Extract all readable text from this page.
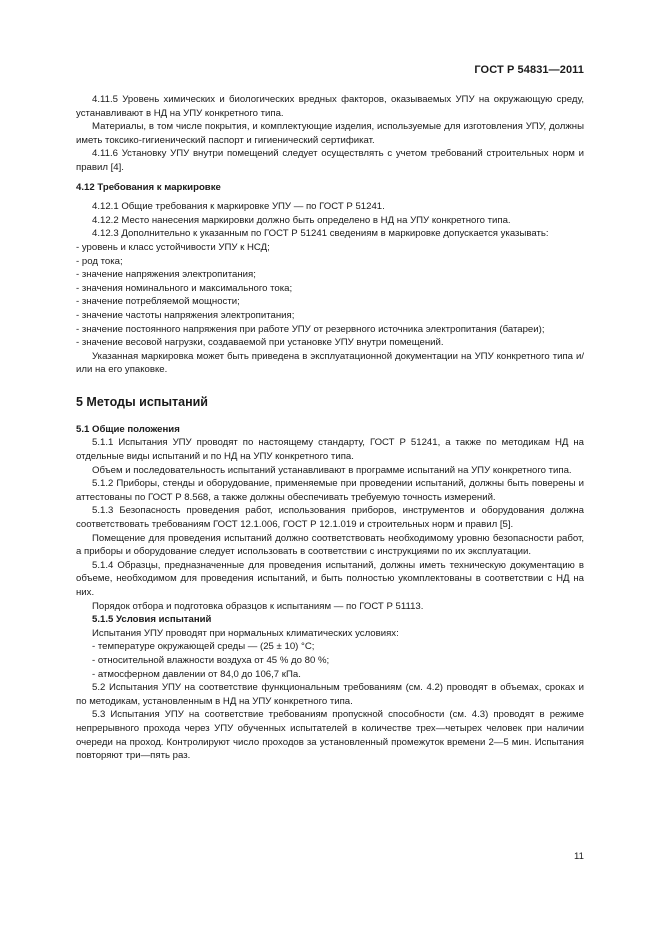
ГОСТ Р 54831—2011

4.11.5 Уровень химических и биологических вредных факторов, оказываемых УПУ на окружающую среду, устанавливают в НД на УПУ конкретного типа.

Материалы, в том числе покрытия, и комплектующие изделия, используемые для изготовления УПУ, должны иметь токсико-гигиенический паспорт и гигиенический сертификат.

4.11.6 Установку УПУ внутри помещений следует осуществлять с учетом требований строительных норм и правил [4].

4.12 Требования к маркировке

4.12.1 Общие требования к маркировке УПУ — по ГОСТ Р 51241.

4.12.2 Место нанесения маркировки должно быть определено в НД на УПУ конкретного типа.

4.12.3 Дополнительно к указанным по ГОСТ Р 51241 сведениям в маркировке допускается указывать:

- уровень и класс устойчивости УПУ к НСД;

- род тока;

- значение напряжения электропитания;

- значения номинального и максимального тока;

- значение потребляемой мощности;

- значение частоты напряжения электропитания;

- значение постоянного напряжения при работе УПУ от резервного источника электропитания (батареи);

- значение весовой нагрузки, создаваемой при установке УПУ внутри помещений.

Указанная маркировка может быть приведена в эксплуатационной документации на УПУ конкретного типа и/или на его упаковке.

5 Методы испытаний

5.1 Общие положения

5.1.1 Испытания УПУ проводят по настоящему стандарту, ГОСТ Р 51241, а также по методикам НД на отдельные виды испытаний и по НД на УПУ конкретного типа.

Объем и последовательность испытаний устанавливают в программе испытаний на УПУ конкретного типа.

5.1.2 Приборы, стенды и оборудование, применяемые при проведении испытаний, должны быть поверены и аттестованы по ГОСТ Р 8.568, а также должны обеспечивать требуемую точность измерений.

5.1.3 Безопасность проведения работ, использования приборов, инструментов и оборудования должна соответствовать требованиям ГОСТ 12.1.006, ГОСТ Р 12.1.019 и строительных норм и правил [5].

Помещение для проведения испытаний должно соответствовать необходимому уровню безопасности работ, а приборы и оборудование следует использовать в соответствии с инструкциями по их эксплуатации.

5.1.4 Образцы, предназначенные для проведения испытаний, должны иметь техническую документацию в объеме, необходимом для проведения испытаний, и быть полностью укомплектованы в соответствии с НД на них.

Порядок отбора и подготовка образцов к испытаниям — по ГОСТ Р 51113.

5.1.5 Условия испытаний

Испытания УПУ проводят при нормальных климатических условиях:

- температуре окружающей среды — (25 ± 10) °С;

- относительной влажности воздуха от 45 % до 80 %;

- атмосферном давлении от 84,0 до 106,7 кПа.

5.2 Испытания УПУ на соответствие функциональным требованиям (см. 4.2) проводят в объемах, сроках и по методикам, установленным в НД на УПУ конкретного типа.

5.3 Испытания УПУ на соответствие требованиям пропускной способности (см. 4.3) проводят в режиме непрерывного прохода через УПУ обученных испытателей в количестве трех—четырех человек при наличии очереди на проход. Контролируют число проходов за установленный промежуток времени 2—5 мин. Испытания повторяют три—пять раз.

11
